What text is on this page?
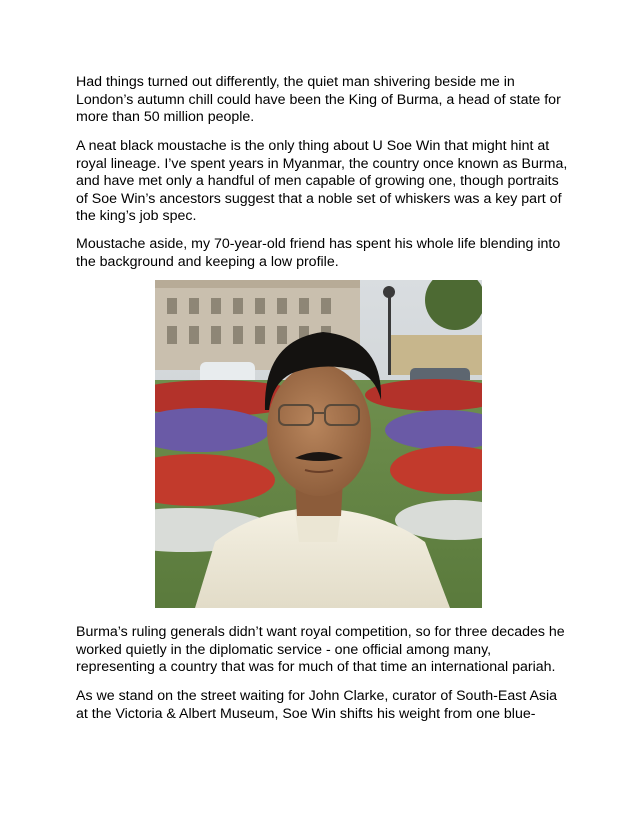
Had things turned out differently, the quiet man shivering beside me in London’s autumn chill could have been the King of Burma, a head of state for more than 50 million people.

A neat black moustache is the only thing about U Soe Win that might hint at royal lineage. I’ve spent years in Myanmar, the country once known as Burma, and have met only a handful of men capable of growing one, though portraits of Soe Win’s ancestors suggest that a noble set of whiskers was a key part of the king’s job spec.

Moustache aside, my 70-year-old friend has spent his whole life blending into the background and keeping a low profile.

Burma’s ruling generals didn’t want royal competition, so for three decades he worked quietly in the diplomatic service - one official among many, representing a country that was for much of that time an international pariah.

As we stand on the street waiting for John Clarke, curator of South-East Asia at the Victoria & Albert Museum, Soe Win shifts his weight from one blue-
